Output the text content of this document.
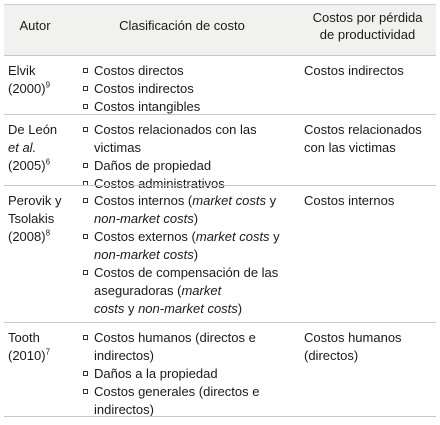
Autor	Clasificación de costo
Costos por pérdida
de productividad
Elvik
$(2000)^9$
Costos directos
Costos indirectos
Costos intangibles
Costos indirectos
De León
et al.
$(2005)^6$
Costos relacionados con las
victimas
Daños de propiedad
Costos administrativos
Costos relacionados
con las victimas
Perovik y
Tsolakis
$(2008)^8$
Costos internos (market costs y
non-market costs)
Costos externos (market costs y
non-market costs)
Costos de compensación de las
aseguradoras (market
costs y non-market costs)
Costos internos
Tooth
$(2010)^7$
Costos humanos (directos e
indirectos)
Daños a la propiedad
Costos generales (directos e
indirectos)
Costos humanos
(directos)
